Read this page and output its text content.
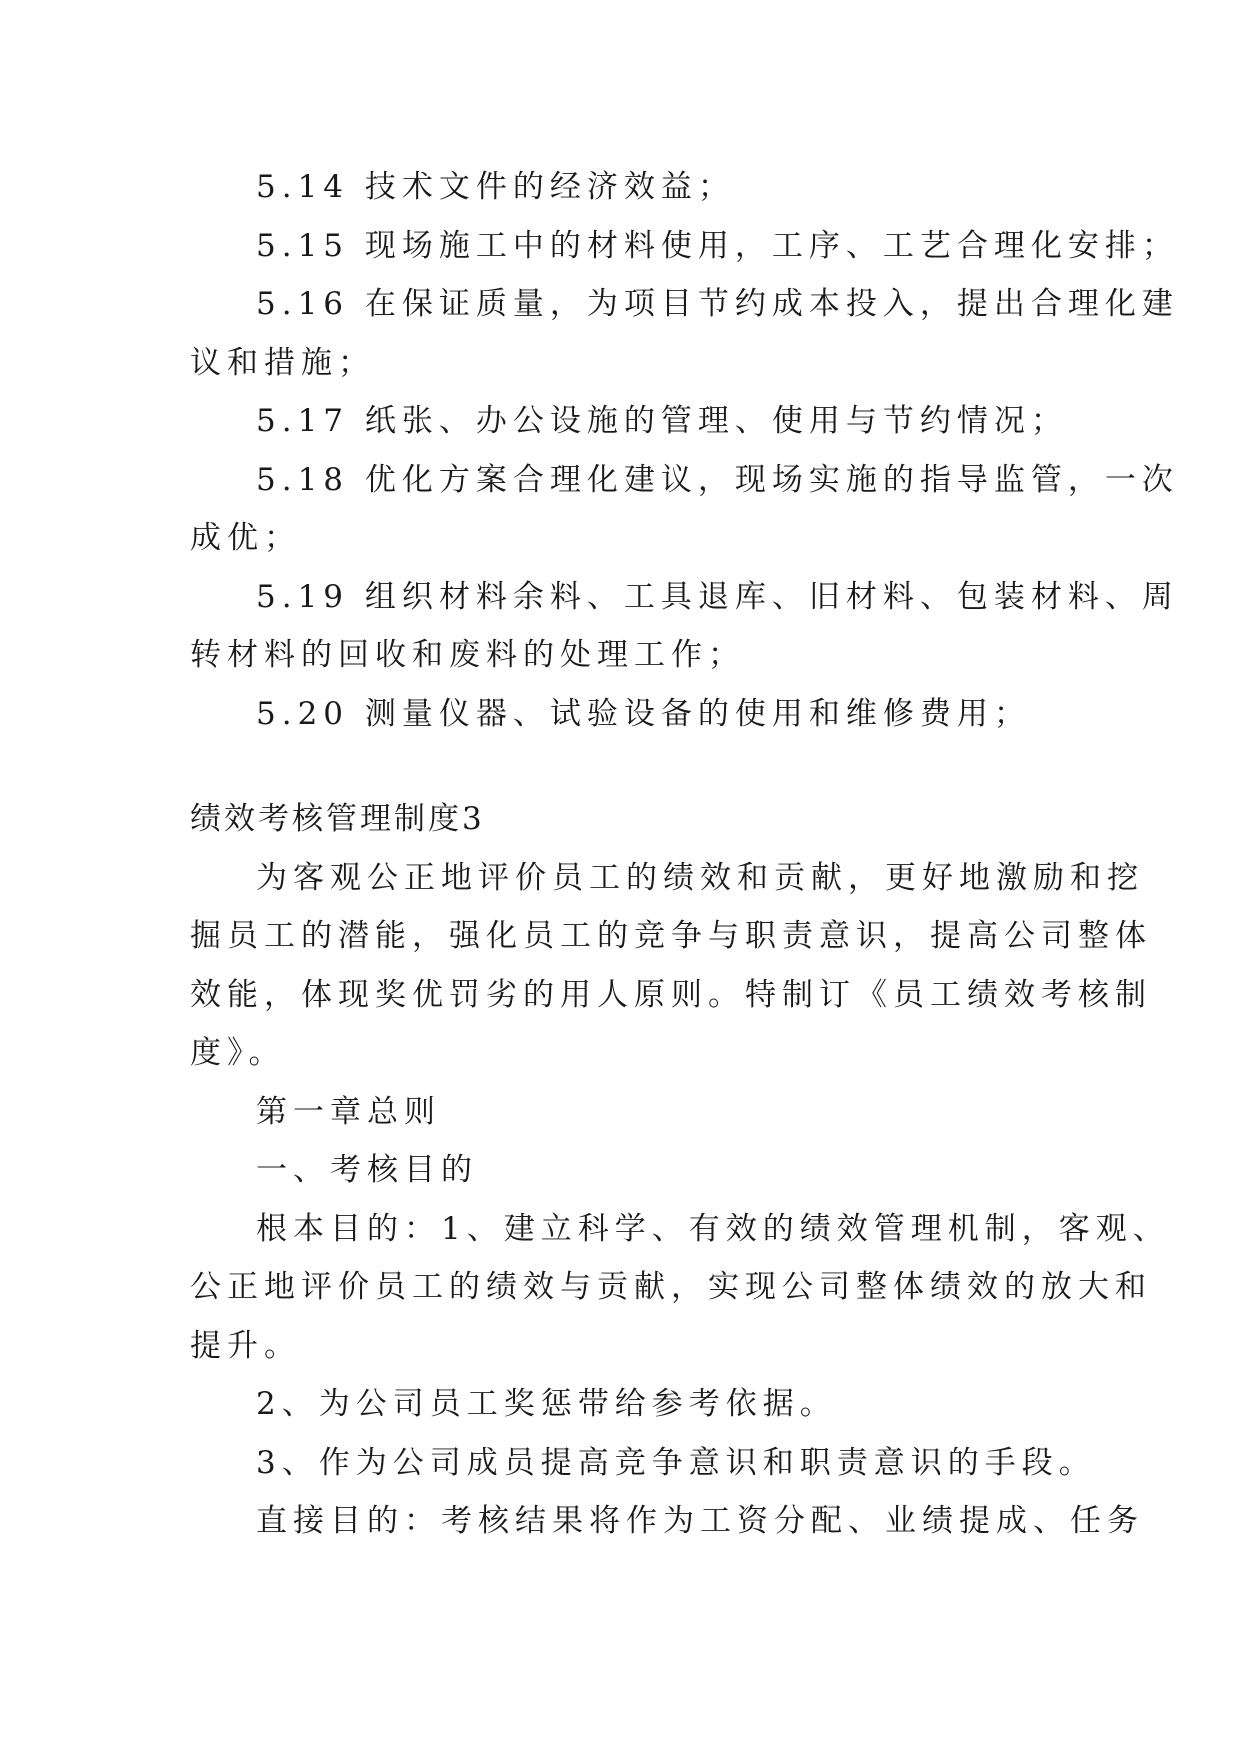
5.14 技术文件的经济效益；
5.15 现场施工中的材料使用，工序、工艺合理化安排；
5.16 在保证质量，为项目节约成本投入，提出合理化建
议和措施；
5.17 纸张、办公设施的管理、使用与节约情况；
5.18 优化方案合理化建议，现场实施的指导监管，一次
成优；
5.19 组织材料余料、工具退库、旧材料、包装材料、周
转材料的回收和废料的处理工作；
5.20 测量仪器、试验设备的使用和维修费用；
绩效考核管理制度3
为客观公正地评价员工的绩效和贡献，更好地激励和挖
掘员工的潜能，强化员工的竞争与职责意识，提高公司整体
效能，体现奖优罚劣的用人原则。特制订《员工绩效考核制
度》。
第一章总则
一、考核目的
根本目的：1、建立科学、有效的绩效管理机制，客观、
公正地评价员工的绩效与贡献，实现公司整体绩效的放大和
提升。
2、为公司员工奖惩带给参考依据。
3、作为公司成员提高竞争意识和职责意识的手段。
直接目的：考核结果将作为工资分配、业绩提成、任务
